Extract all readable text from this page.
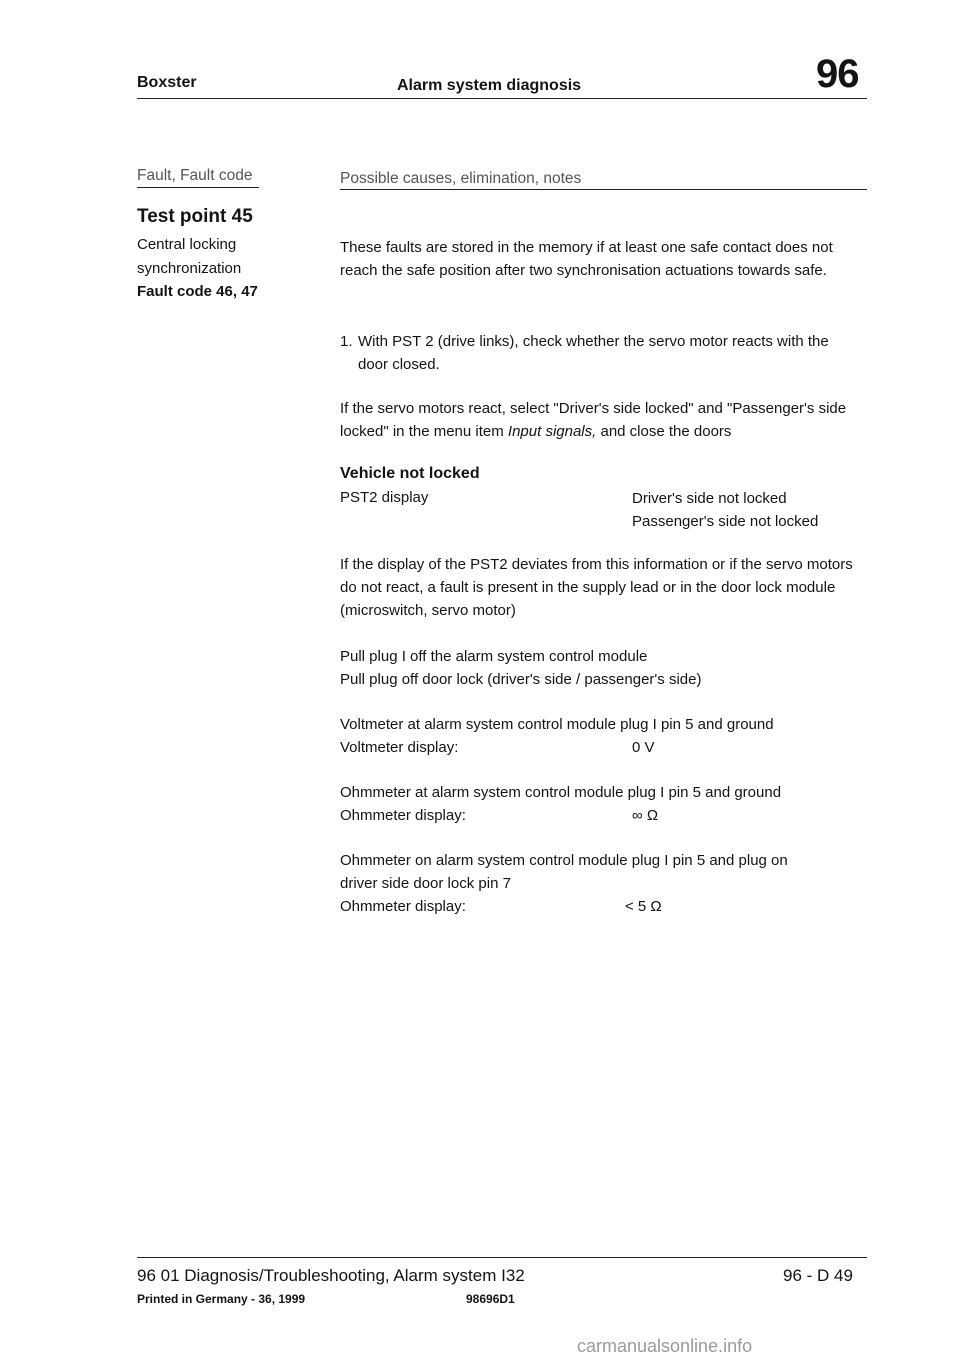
Boxster	Alarm system diagnosis	96
Fault, Fault code	Possible causes, elimination, notes
Test point 45
Central locking
synchronization
Fault code 46, 47
These faults are stored in the memory if at least one safe contact does not reach the safe position after two synchronisation actuations towards safe.
1. With PST 2 (drive links), check whether the servo motor reacts with the door closed.
If the servo motors react, select "Driver's side locked" and "Passenger's side locked" in the menu item Input signals, and close the doors
Vehicle not locked
PST2 display	Driver's side not locked
Passenger's side not locked
If the display of the PST2 deviates from this information or if the servo motors do not react, a fault is present in the supply lead or in the door lock module (microswitch, servo motor)
Pull plug I off the alarm system control module
Pull plug off door lock (driver's side / passenger's side)
Voltmeter at alarm system control module plug I pin 5 and ground
Voltmeter display:	0 V
Ohmmeter at alarm system control module plug I pin 5 and ground
Ohmmeter display:	∞ Ω
Ohmmeter on alarm system control module plug I pin 5 and plug on
driver side door lock pin 7
Ohmmeter display:	< 5 Ω
96 01 Diagnosis/Troubleshooting, Alarm system I32	96 - D 49
Printed in Germany - 36, 1999	98696D1
carmanualsonline.info
